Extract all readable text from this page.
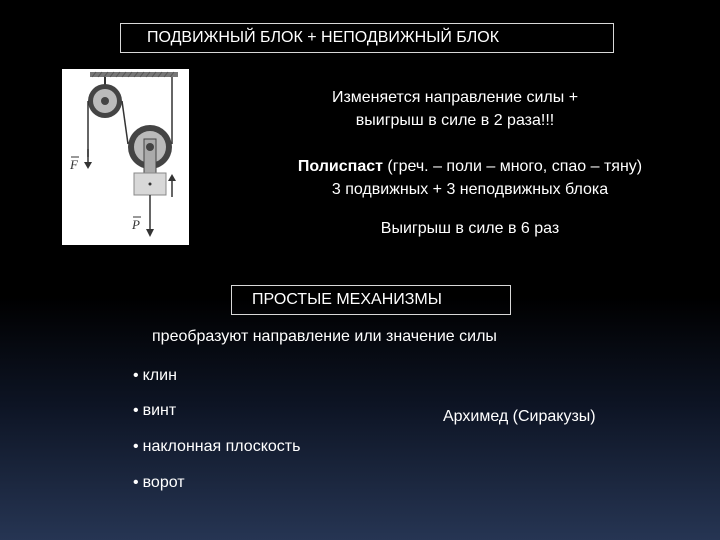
ПОДВИЖНЫЙ БЛОК + НЕПОДВИЖНЫЙ БЛОК
F
P
Изменяется направление силы +
выигрыш в силе в 2 раза!!!
Полиспаст (греч. – поли – много, спао – тяну)
3 подвижных + 3 неподвижных блока
Выигрыш в силе в 6 раз
ПРОСТЫЕ МЕХАНИЗМЫ
преобразуют направление или значение силы
• клин
• винт
• наклонная плоскость
• ворот
Архимед (Сиракузы)
